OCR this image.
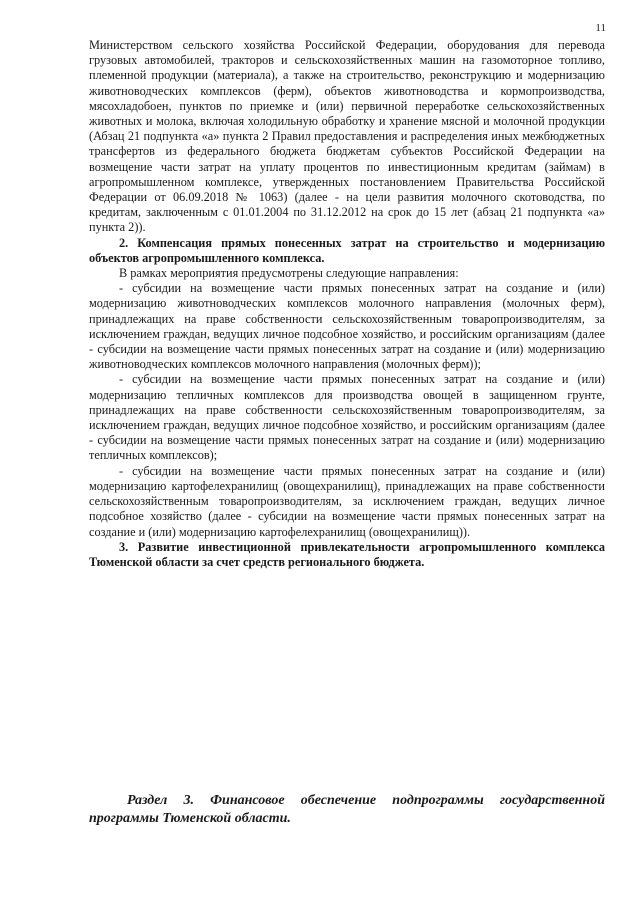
11

Министерством сельского хозяйства Российской Федерации, оборудования для перевода грузовых автомобилей, тракторов и сельскохозяйственных машин на газомоторное топливо, племенной продукции (материала), а также на строительство, реконструкцию и модернизацию животноводческих комплексов (ферм), объектов животноводства и кормопроизводства, мясохладобоен, пунктов по приемке и (или) первичной переработке сельскохозяйственных животных и молока, включая холодильную обработку и хранение мясной и молочной продукции (Абзац 21 подпункта «а» пункта 2 Правил предоставления и распределения иных межбюджетных трансфертов из федерального бюджета бюджетам субъектов Российской Федерации на возмещение части затрат на уплату процентов по инвестиционным кредитам (займам) в агропромышленном комплексе, утвержденных постановлением Правительства Российской Федерации от 06.09.2018 № 1063) (далее - на цели развития молочного скотоводства, по кредитам, заключенным с 01.01.2004 по 31.12.2012 на срок до 15 лет (абзац 21 подпункта «а» пункта 2)).

2. Компенсация прямых понесенных затрат на строительство и модернизацию объектов агропромышленного комплекса.

В рамках мероприятия предусмотрены следующие направления:

- субсидии на возмещение части прямых понесенных затрат на создание и (или) модернизацию животноводческих комплексов молочного направления (молочных ферм), принадлежащих на праве собственности сельскохозяйственным товаропроизводителям, за исключением граждан, ведущих личное подсобное хозяйство, и российским организациям (далее - субсидии на возмещение части прямых понесенных затрат на создание и (или) модернизацию животноводческих комплексов молочного направления (молочных ферм));

- субсидии на возмещение части прямых понесенных затрат на создание и (или) модернизацию тепличных комплексов для производства овощей в защищенном грунте, принадлежащих на праве собственности сельскохозяйственным товаропроизводителям, за исключением граждан, ведущих личное подсобное хозяйство, и российским организациям (далее - субсидии на возмещение части прямых понесенных затрат на создание и (или) модернизацию тепличных комплексов);

- субсидии на возмещение части прямых понесенных затрат на создание и (или) модернизацию картофелехранилищ (овощехранилищ), принадлежащих на праве собственности сельскохозяйственным товаропроизводителям, за исключением граждан, ведущих личное подсобное хозяйство (далее - субсидии на возмещение части прямых понесенных затрат на создание и (или) модернизацию картофелехранилищ (овощехранилищ)).

3. Развитие инвестиционной привлекательности агропромышленного комплекса Тюменской области за счет средств регионального бюджета.

Раздел 3. Финансовое обеспечение подпрограммы государственной программы Тюменской области.
